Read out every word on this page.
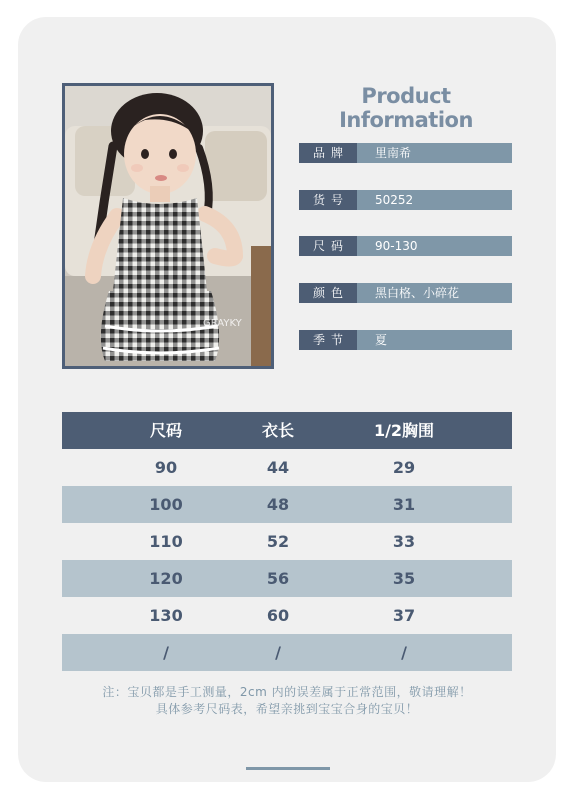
GRAYKY
Product Information
品牌	里南希
货号	50252
尺码	90-130
颜色	黑白格、小碎花
季节	夏
尺码	衣长	1/2胸围
90	44	29
100	48	31
110	52	33
120	56	35
130	60	37
/	/	/
注：宝贝都是手工测量，2cm 内的误差属于正常范围，敬请理解！
具体参考尺码表，希望亲挑到宝宝合身的宝贝！
